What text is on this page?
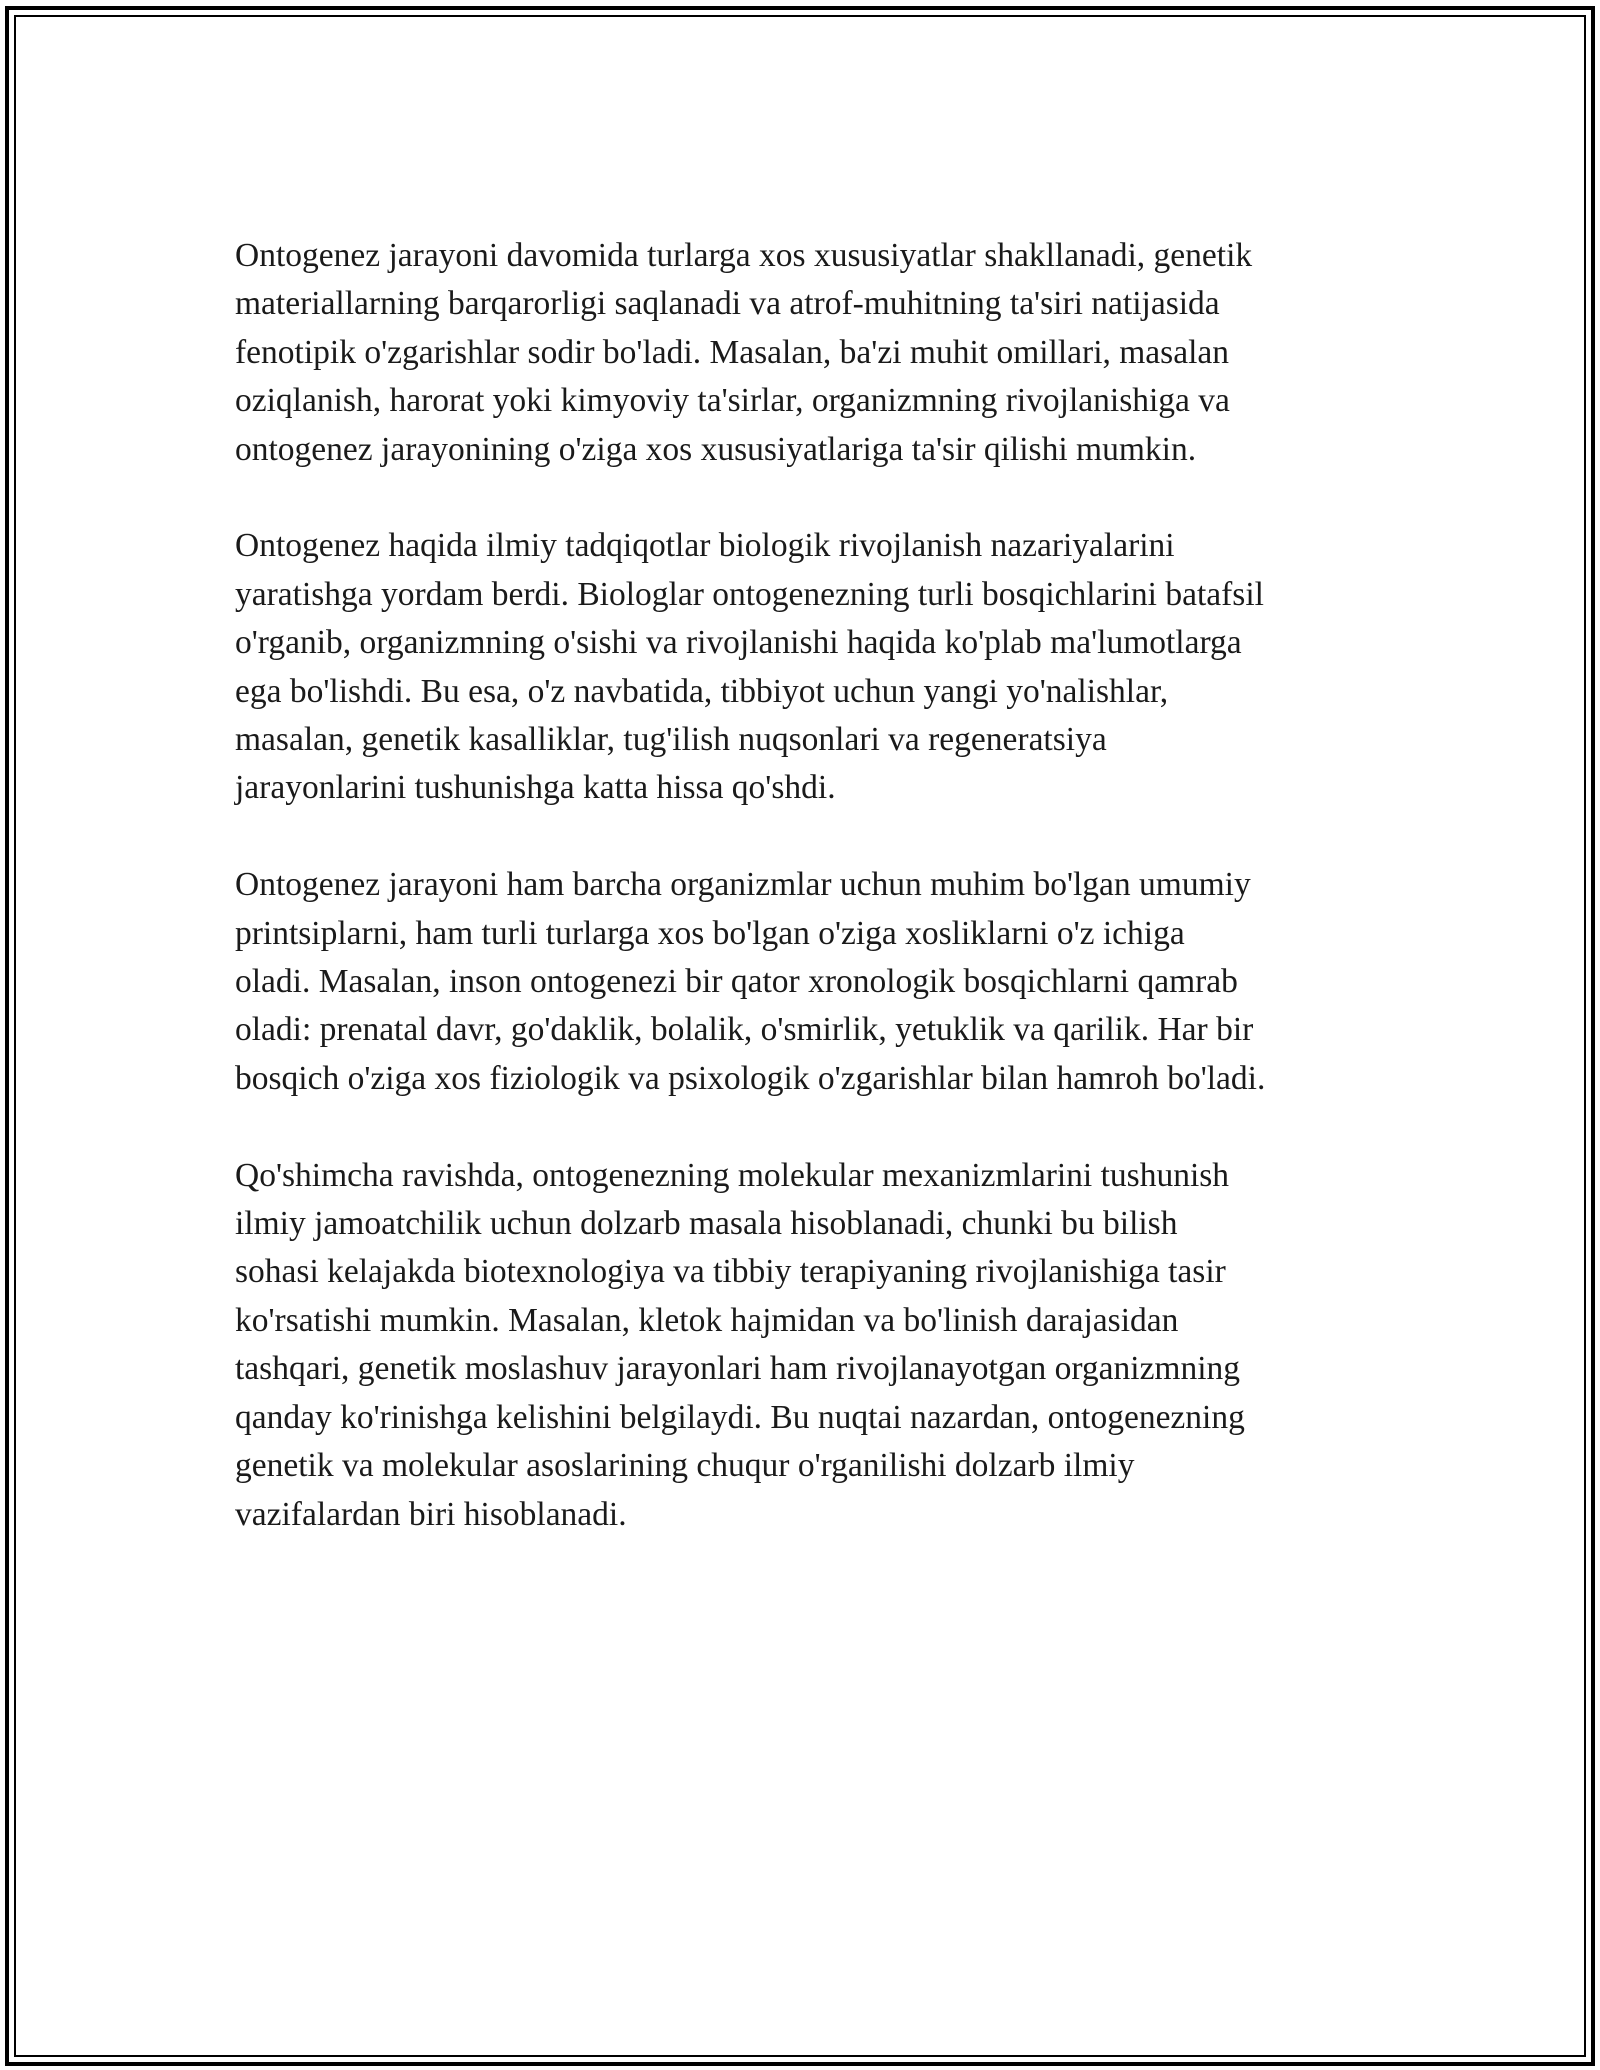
Ontogenez jarayoni davomida turlarga xos xususiyatlar shakllanadi, genetik
materiallarning barqarorligi saqlanadi va atrof-muhitning ta'siri natijasida
fenotipik o'zgarishlar sodir bo'ladi. Masalan, ba'zi muhit omillari, masalan
oziqlanish, harorat yoki kimyoviy ta'sirlar, organizmning rivojlanishiga va
ontogenez jarayonining o'ziga xos xususiyatlariga ta'sir qilishi mumkin.

Ontogenez haqida ilmiy tadqiqotlar biologik rivojlanish nazariyalarini
yaratishga yordam berdi. Biologlar ontogenezning turli bosqichlarini batafsil
o'rganib, organizmning o'sishi va rivojlanishi haqida ko'plab ma'lumotlarga
ega bo'lishdi. Bu esa, o'z navbatida, tibbiyot uchun yangi yo'nalishlar,
masalan, genetik kasalliklar, tug'ilish nuqsonlari va regeneratsiya
jarayonlarini tushunishga katta hissa qo'shdi.

Ontogenez jarayoni ham barcha organizmlar uchun muhim bo'lgan umumiy
printsiplarni, ham turli turlarga xos bo'lgan o'ziga xosliklarni o'z ichiga
oladi. Masalan, inson ontogenezi bir qator xronologik bosqichlarni qamrab
oladi: prenatal davr, go'daklik, bolalik, o'smirlik, yetuklik va qarilik. Har bir
bosqich o'ziga xos fiziologik va psixologik o'zgarishlar bilan hamroh bo'ladi.

Qo'shimcha ravishda, ontogenezning molekular mexanizmlarini tushunish
ilmiy jamoatchilik uchun dolzarb masala hisoblanadi, chunki bu bilish
sohasi kelajakda biotexnologiya va tibbiy terapiyaning rivojlanishiga tasir
ko'rsatishi mumkin. Masalan, kletok hajmidan va bo'linish darajasidan
tashqari, genetik moslashuv jarayonlari ham rivojlanayotgan organizmning
qanday ko'rinishga kelishini belgilaydi. Bu nuqtai nazardan, ontogenezning
genetik va molekular asoslarining chuqur o'rganilishi dolzarb ilmiy
vazifalardan biri hisoblanadi.
